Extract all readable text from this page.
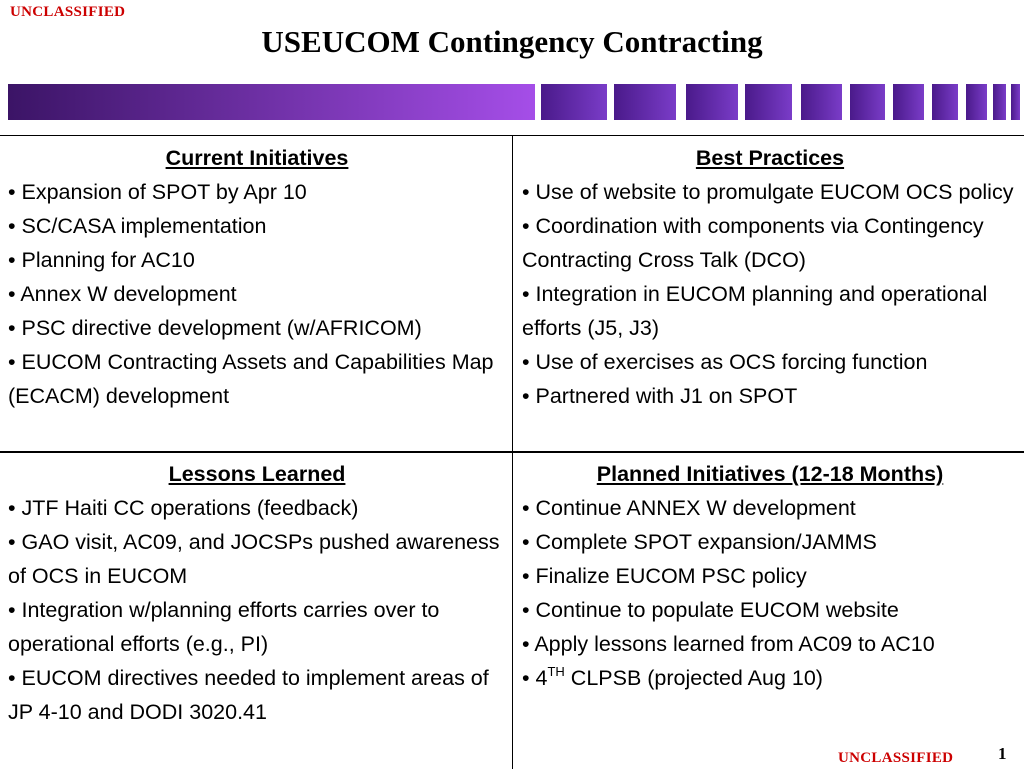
UNCLASSIFIED
USEUCOM Contingency Contracting
Current Initiatives
• Expansion of SPOT by Apr 10
• SC/CASA implementation
• Planning for AC10
• Annex W development
• PSC directive development (w/AFRICOM)
• EUCOM Contracting Assets and Capabilities Map (ECACM) development
Best Practices
• Use of website to promulgate EUCOM OCS policy
• Coordination with components via Contingency Contracting Cross Talk (DCO)
• Integration in EUCOM planning and operational efforts (J5, J3)
• Use of exercises as OCS forcing function
• Partnered with J1 on SPOT
Lessons Learned
• JTF Haiti CC operations (feedback)
• GAO visit, AC09, and JOCSPs pushed awareness of OCS in EUCOM
• Integration w/planning efforts carries over to operational efforts (e.g., PI)
• EUCOM directives needed to implement areas of JP 4-10 and DODI 3020.41
Planned Initiatives (12-18 Months)
• Continue ANNEX W development
• Complete SPOT expansion/JAMMS
• Finalize EUCOM PSC policy
• Continue to populate EUCOM website
• Apply lessons learned from AC09 to AC10
• 4TH CLPSB (projected Aug 10)
UNCLASSIFIED	1
